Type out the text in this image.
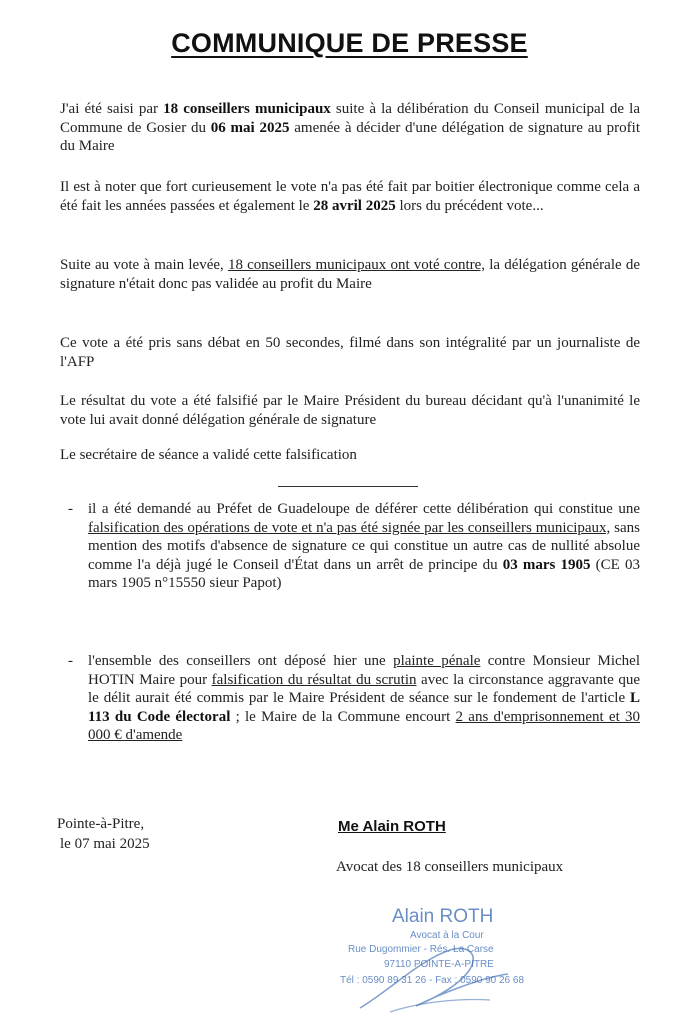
COMMUNIQUE DE PRESSE

J'ai été saisi par 18 conseillers municipaux suite à la délibération du Conseil municipal de la Commune de Gosier du 06 mai 2025 amenée à décider d'une délégation de signature au profit du Maire

Il est à noter que fort curieusement le vote n'a pas été fait par boitier électronique comme cela a été fait les années passées et également le 28 avril 2025 lors du précédent vote...

Suite au vote à main levée, 18 conseillers municipaux ont voté contre, la délégation générale de signature n'était donc pas validée au profit du Maire

Ce vote a été pris sans débat en 50 secondes, filmé dans son intégralité par un journaliste de l'AFP

Le résultat du vote a été falsifié par le Maire Président du bureau décidant qu'à l'unanimité le vote lui avait donné délégation générale de signature

Le secrétaire de séance a validé cette falsification

- il a été demandé au Préfet de Guadeloupe de déférer cette délibération qui constitue une falsification des opérations de vote et n'a pas été signée par les conseillers municipaux, sans mention des motifs d'absence de signature ce qui constitue un autre cas de nullité absolue comme l'a déjà jugé le Conseil d'État dans un arrêt de principe du 03 mars 1905 (CE 03 mars 1905 n°15550 sieur Papot)
- l'ensemble des conseillers ont déposé hier une plainte pénale contre Monsieur Michel HOTIN Maire pour falsification du résultat du scrutin avec la circonstance aggravante que le délit aurait été commis par le Maire Président de séance sur le fondement de l'article L 113 du Code électoral ; le Maire de la Commune encourt 2 ans d'emprisonnement et 30 000 € d'amende
Pointe-à-Pitre,
le 07 mai 2025
Me Alain ROTH
Avocat des 18 conseillers municipaux
Alain ROTH
Avocat à la Cour
Rue Dugommier - Rés. La Carse
97110 POINTE-A-PITRE
Tél : 0590 89 31 26 - Fax : 0590 90 26 68
